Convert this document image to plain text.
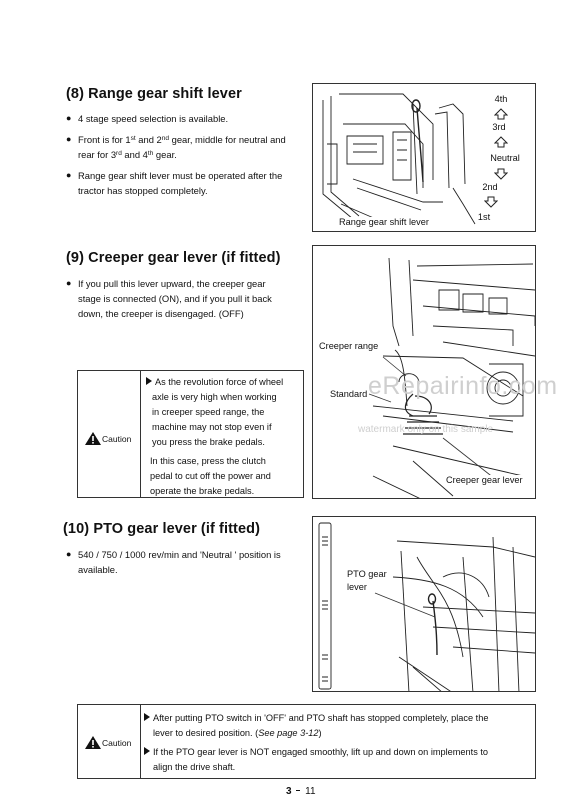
(8) Range gear shift lever
● 4 stage speed selection is available.
● Front is for 1st and 2nd gear, middle for neutral and
rear for 3rd and 4th gear.
● Range gear shift lever must be operated after the
tractor has stopped completely.
4th
3rd
Neutral
2nd
1st
Range gear shift lever
(9) Creeper gear lever (if fitted)
● If you pull this lever upward, the creeper gear
stage is connected (ON), and if you pull it back
down, the creeper is disengaged. (OFF)
Caution
As the revolution force of wheel
axle is very high when working
in creeper speed range, the
machine may not stop even if
you press the brake pedals.
In this case, press the clutch
pedal to cut off the power and
operate the brake pedals.
Creeper range
Standard
Creeper gear lever
eRepairinfo.com
watermark only on this sample
(10) PTO gear lever (if fitted)
● 540 / 750 / 1000 rev/min and 'Neutral ' position is
available.	PTO gear
lever
Caution
After putting PTO switch in 'OFF' and PTO shaft has stopped completely, place the
lever to desired position. (See page 3-12)
If the PTO gear lever is NOT engaged smoothly, lift up and down on implements to
align the drive shaft.
3 11
